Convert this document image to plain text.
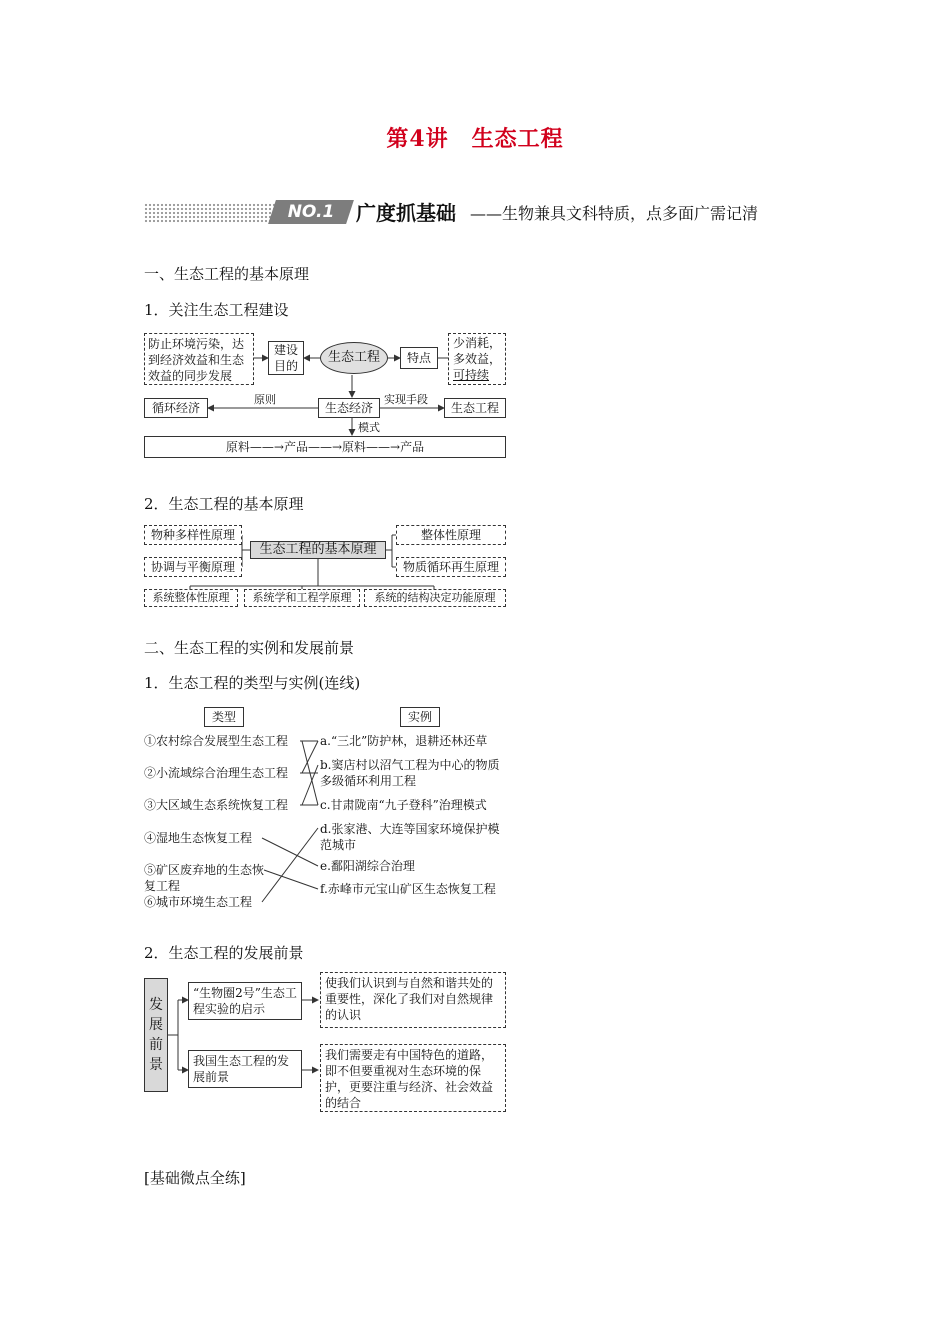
第4讲　生态工程
NO.1	广度抓基础 ——生物兼具文科特质，点多面广需记清
一、生态工程的基本原理
1．关注生态工程建设
防止环境污染，达到经济效益和生态效益的同步发展
建设目的
生态工程	特点
少消耗，
多效益，
可持续
循环经济
原则
生态经济
实现手段
生态工程
模式
原料——→产品——→原料——→产品
2．生态工程的基本原理
物种多样性原理
协调与平衡原理
生态工程的基本原理
整体性原理
物质循环再生原理
系统整体性原理	系统学和工程学原理	系统的结构决定功能原理
二、生态工程的实例和发展前景
1．生态工程的类型与实例(连线)
类型	实例
①农村综合发展型生态工程
②小流域综合治理生态工程
③大区域生态系统恢复工程
④湿地生态恢复工程
⑤矿区废弃地的生态恢复工程
⑥城市环境生态工程
a.“三北”防护林，退耕还林还草
b.窦店村以沼气工程为中心的物质多级循环利用工程
c.甘肃陇南“九子登科”治理模式
d.张家港、大连等国家环境保护模范城市
e.鄱阳湖综合治理
f.赤峰市元宝山矿区生态恢复工程
2．生态工程的发展前景
发展前景
“生物圈2号”生态工程实验的启示
我国生态工程的发展前景
使我们认识到与自然和谐共处的重要性，深化了我们对自然规律的认识
我们需要走有中国特色的道路，即不但要重视对生态环境的保护，更要注重与经济、社会效益的结合
[基础微点全练]
